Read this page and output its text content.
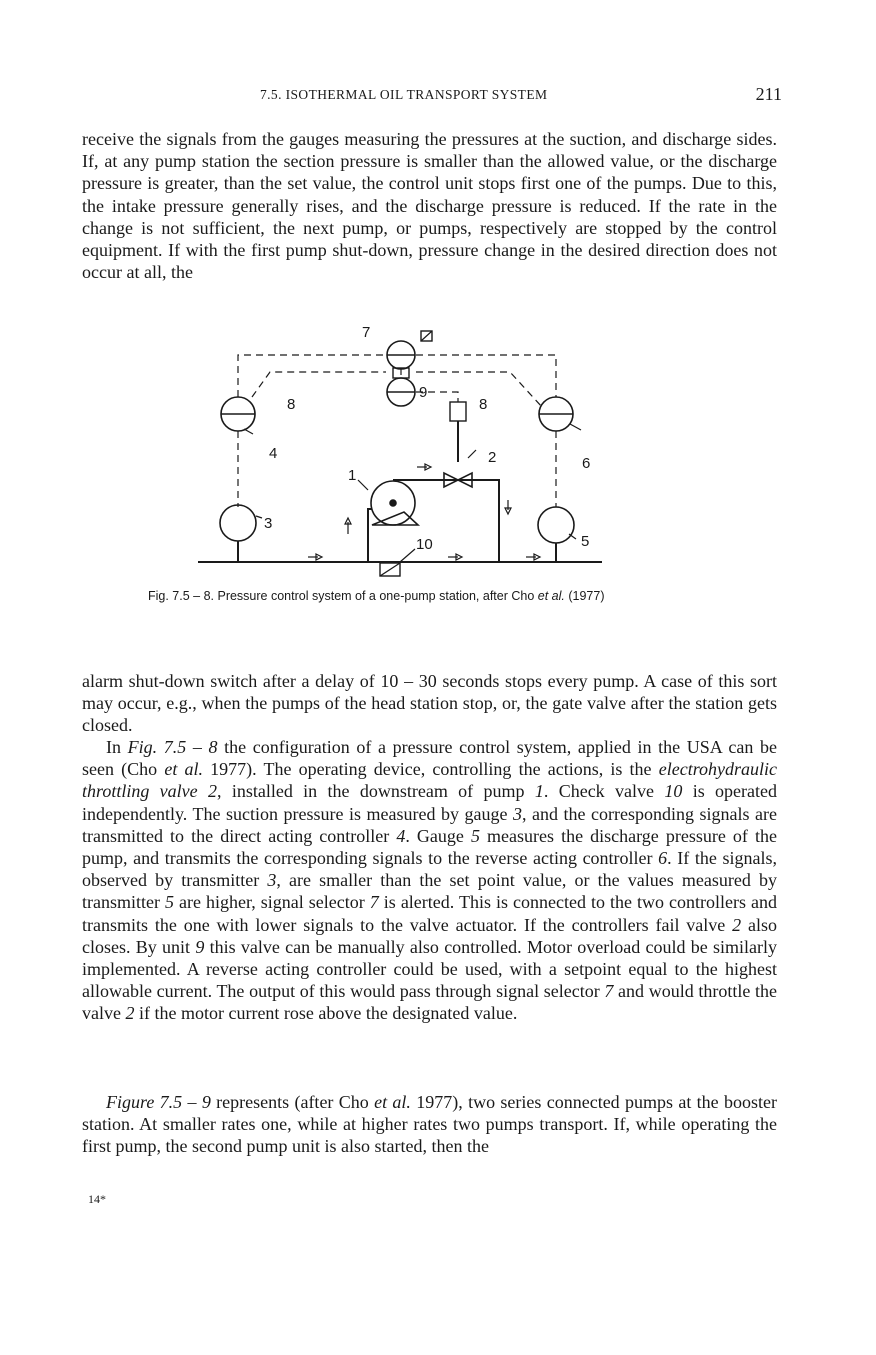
7.5. ISOTHERMAL OIL TRANSPORT SYSTEM	211

receive the signals from the gauges measuring the pressures at the suction, and discharge sides. If, at any pump station the section pressure is smaller than the allowed value, or the discharge pressure is greater, than the set value, the control unit stops first one of the pumps. Due to this, the intake pressure generally rises, and the discharge pressure is reduced. If the rate in the change is not sufficient, the next pump, or pumps, respectively are stopped by the control equipment. If with the first pump shut-down, pressure change in the desired direction does not occur at all, the

7
9
8	8
4
6
2
1
3
5
10
Fig. 7.5 – 8. Pressure control system of a one-pump station, after Cho et al. (1977)

alarm shut-down switch after a delay of 10 – 30 seconds stops every pump. A case of this sort may occur, e.g., when the pumps of the head station stop, or, the gate valve after the station gets closed.

In Fig. 7.5 – 8 the configuration of a pressure control system, applied in the USA can be seen (Cho et al. 1977). The operating device, controlling the actions, is the electrohydraulic throttling valve 2, installed in the downstream of pump 1. Check valve 10 is operated independently. The suction pressure is measured by gauge 3, and the corresponding signals are transmitted to the direct acting controller 4. Gauge 5 measures the discharge pressure of the pump, and transmits the corresponding signals to the reverse acting controller 6. If the signals, observed by transmitter 3, are smaller than the set point value, or the values measured by transmitter 5 are higher, signal selector 7 is alerted. This is connected to the two controllers and transmits the one with lower signals to the valve actuator. If the controllers fail valve 2 also closes. By unit 9 this valve can be manually also controlled. Motor overload could be similarly implemented. A reverse acting controller could be used, with a setpoint equal to the highest allowable current. The output of this would pass through signal selector 7 and would throttle the valve 2 if the motor current rose above the designated value.

Figure 7.5 – 9 represents (after Cho et al. 1977), two series connected pumps at the booster station. At smaller rates one, while at higher rates two pumps transport. If, while operating the first pump, the second pump unit is also started, then the

14*
